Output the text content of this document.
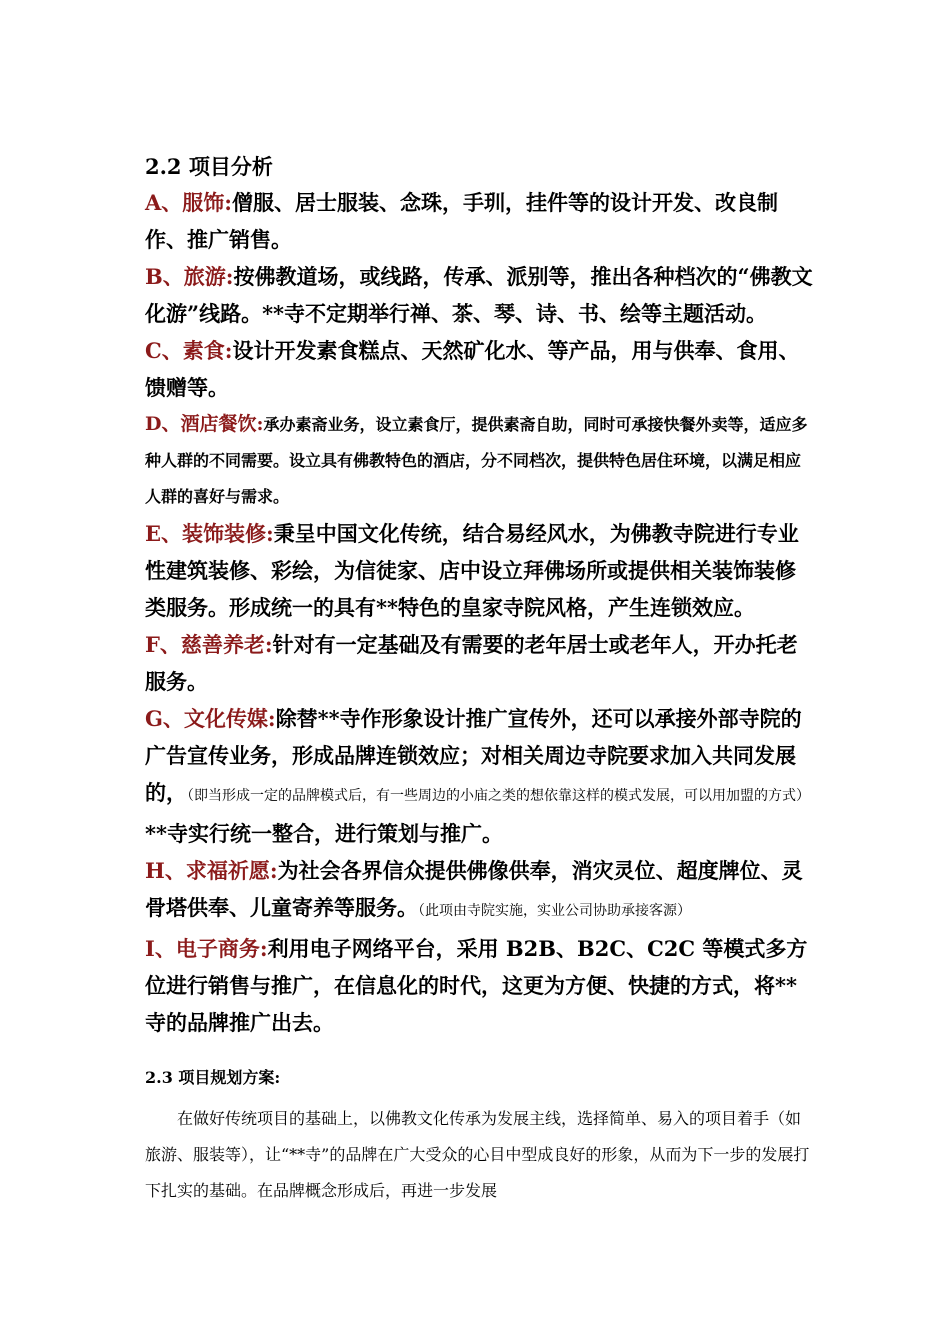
2.2 项目分析

A、服饰:僧服、居士服装、念珠，手玔，挂件等的设计开发、改良制作、推广销售。

B、旅游:按佛教道场，或线路，传承、派别等，推出各种档次的“佛教文化游”线路。**寺不定期举行禅、茶、琴、诗、书、绘等主题活动。

C、素食:设计开发素食糕点、天然矿化水、等产品，用与供奉、食用、馈赠等。

D、酒店餐饮:承办素斋业务，设立素食厅，提供素斋自助，同时可承接快餐外卖等，适应多种人群的不同需要。设立具有佛教特色的酒店，分不同档次，提供特色居住环境，以满足相应人群的喜好与需求。

E、装饰装修:秉呈中国文化传统，结合易经风水，为佛教寺院进行专业性建筑装修、彩绘，为信徒家、店中设立拜佛场所或提供相关装饰装修类服务。形成统一的具有**特色的皇家寺院风格，产生连锁效应。

F、慈善养老:针对有一定基础及有需要的老年居士或老年人，开办托老服务。

G、文化传媒:除替**寺作形象设计推广宣传外，还可以承接外部寺院的广告宣传业务，形成品牌连锁效应；对相关周边寺院要求加入共同发展的，（即当形成一定的品牌模式后，有一些周边的小庙之类的想依靠这样的模式发展，可以用加盟的方式）**寺实行统一整合，进行策划与推广。

H、求福祈愿:为社会各界信众提供佛像供奉，消灾灵位、超度牌位、灵骨塔供奉、儿童寄养等服务。（此项由寺院实施，实业公司协助承接客源）

I、电子商务:利用电子网络平台，采用 B2B、B2C、C2C 等模式多方位进行销售与推广，在信息化的时代，这更为方便、快捷的方式，将**寺的品牌推广出去。

2.3 项目规划方案:

在做好传统项目的基础上，以佛教文化传承为发展主线，选择简单、易入的项目着手（如旅游、服装等），让“**寺”的品牌在广大受众的心目中型成良好的形象，从而为下一步的发展打下扎实的基础。在品牌概念形成后，再进一步发展
